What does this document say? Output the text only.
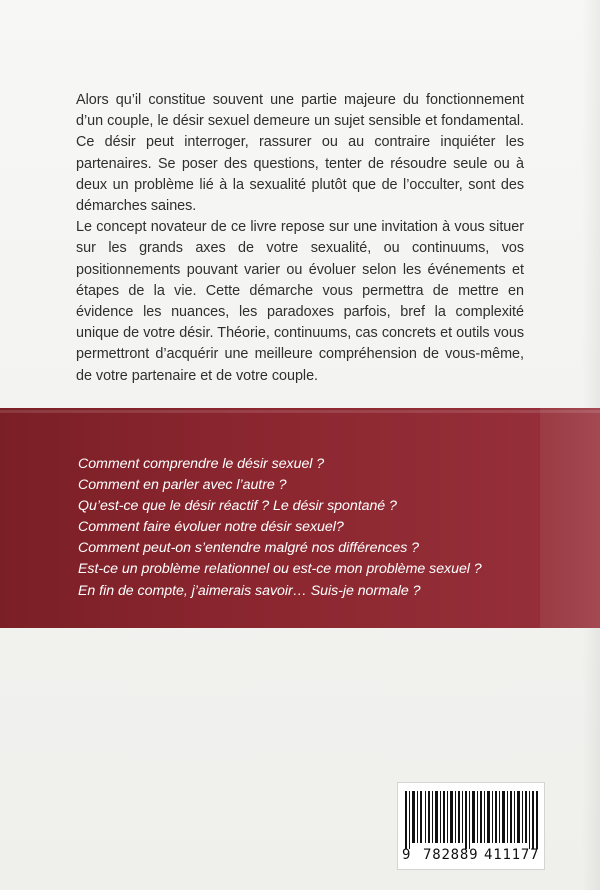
Alors qu’il constitue souvent une partie majeure du fonctionnement d’un couple, le désir sexuel demeure un sujet sensible et fondamental. Ce désir peut interroger, rassurer ou au contraire inquiéter les partenaires. Se poser des questions, tenter de résoudre seule ou à deux un problème lié à la sexualité plutôt que de l’occulter, sont des démarches saines.

Le concept novateur de ce livre repose sur une invitation à vous situer sur les grands axes de votre sexualité, ou continuums, vos positionnements pouvant varier ou évoluer selon les événements et étapes de la vie. Cette démarche vous permettra de mettre en évidence les nuances, les paradoxes parfois, bref la complexité unique de votre désir. Théorie, continuums, cas concrets et outils vous permettront d’acquérir une meilleure compréhension de vous-même, de votre partenaire et de votre couple.

Comment comprendre le désir sexuel ?
Comment en parler avec l’autre ?
Qu’est-ce que le désir réactif ? Le désir spontané ?
Comment faire évoluer notre désir sexuel?
Comment peut-on s’entendre malgré nos différences ?
Est-ce un problème relationnel ou est-ce mon problème sexuel ?
En fin de compte, j’aimerais savoir… Suis-je normale ?
9 782889 411177
